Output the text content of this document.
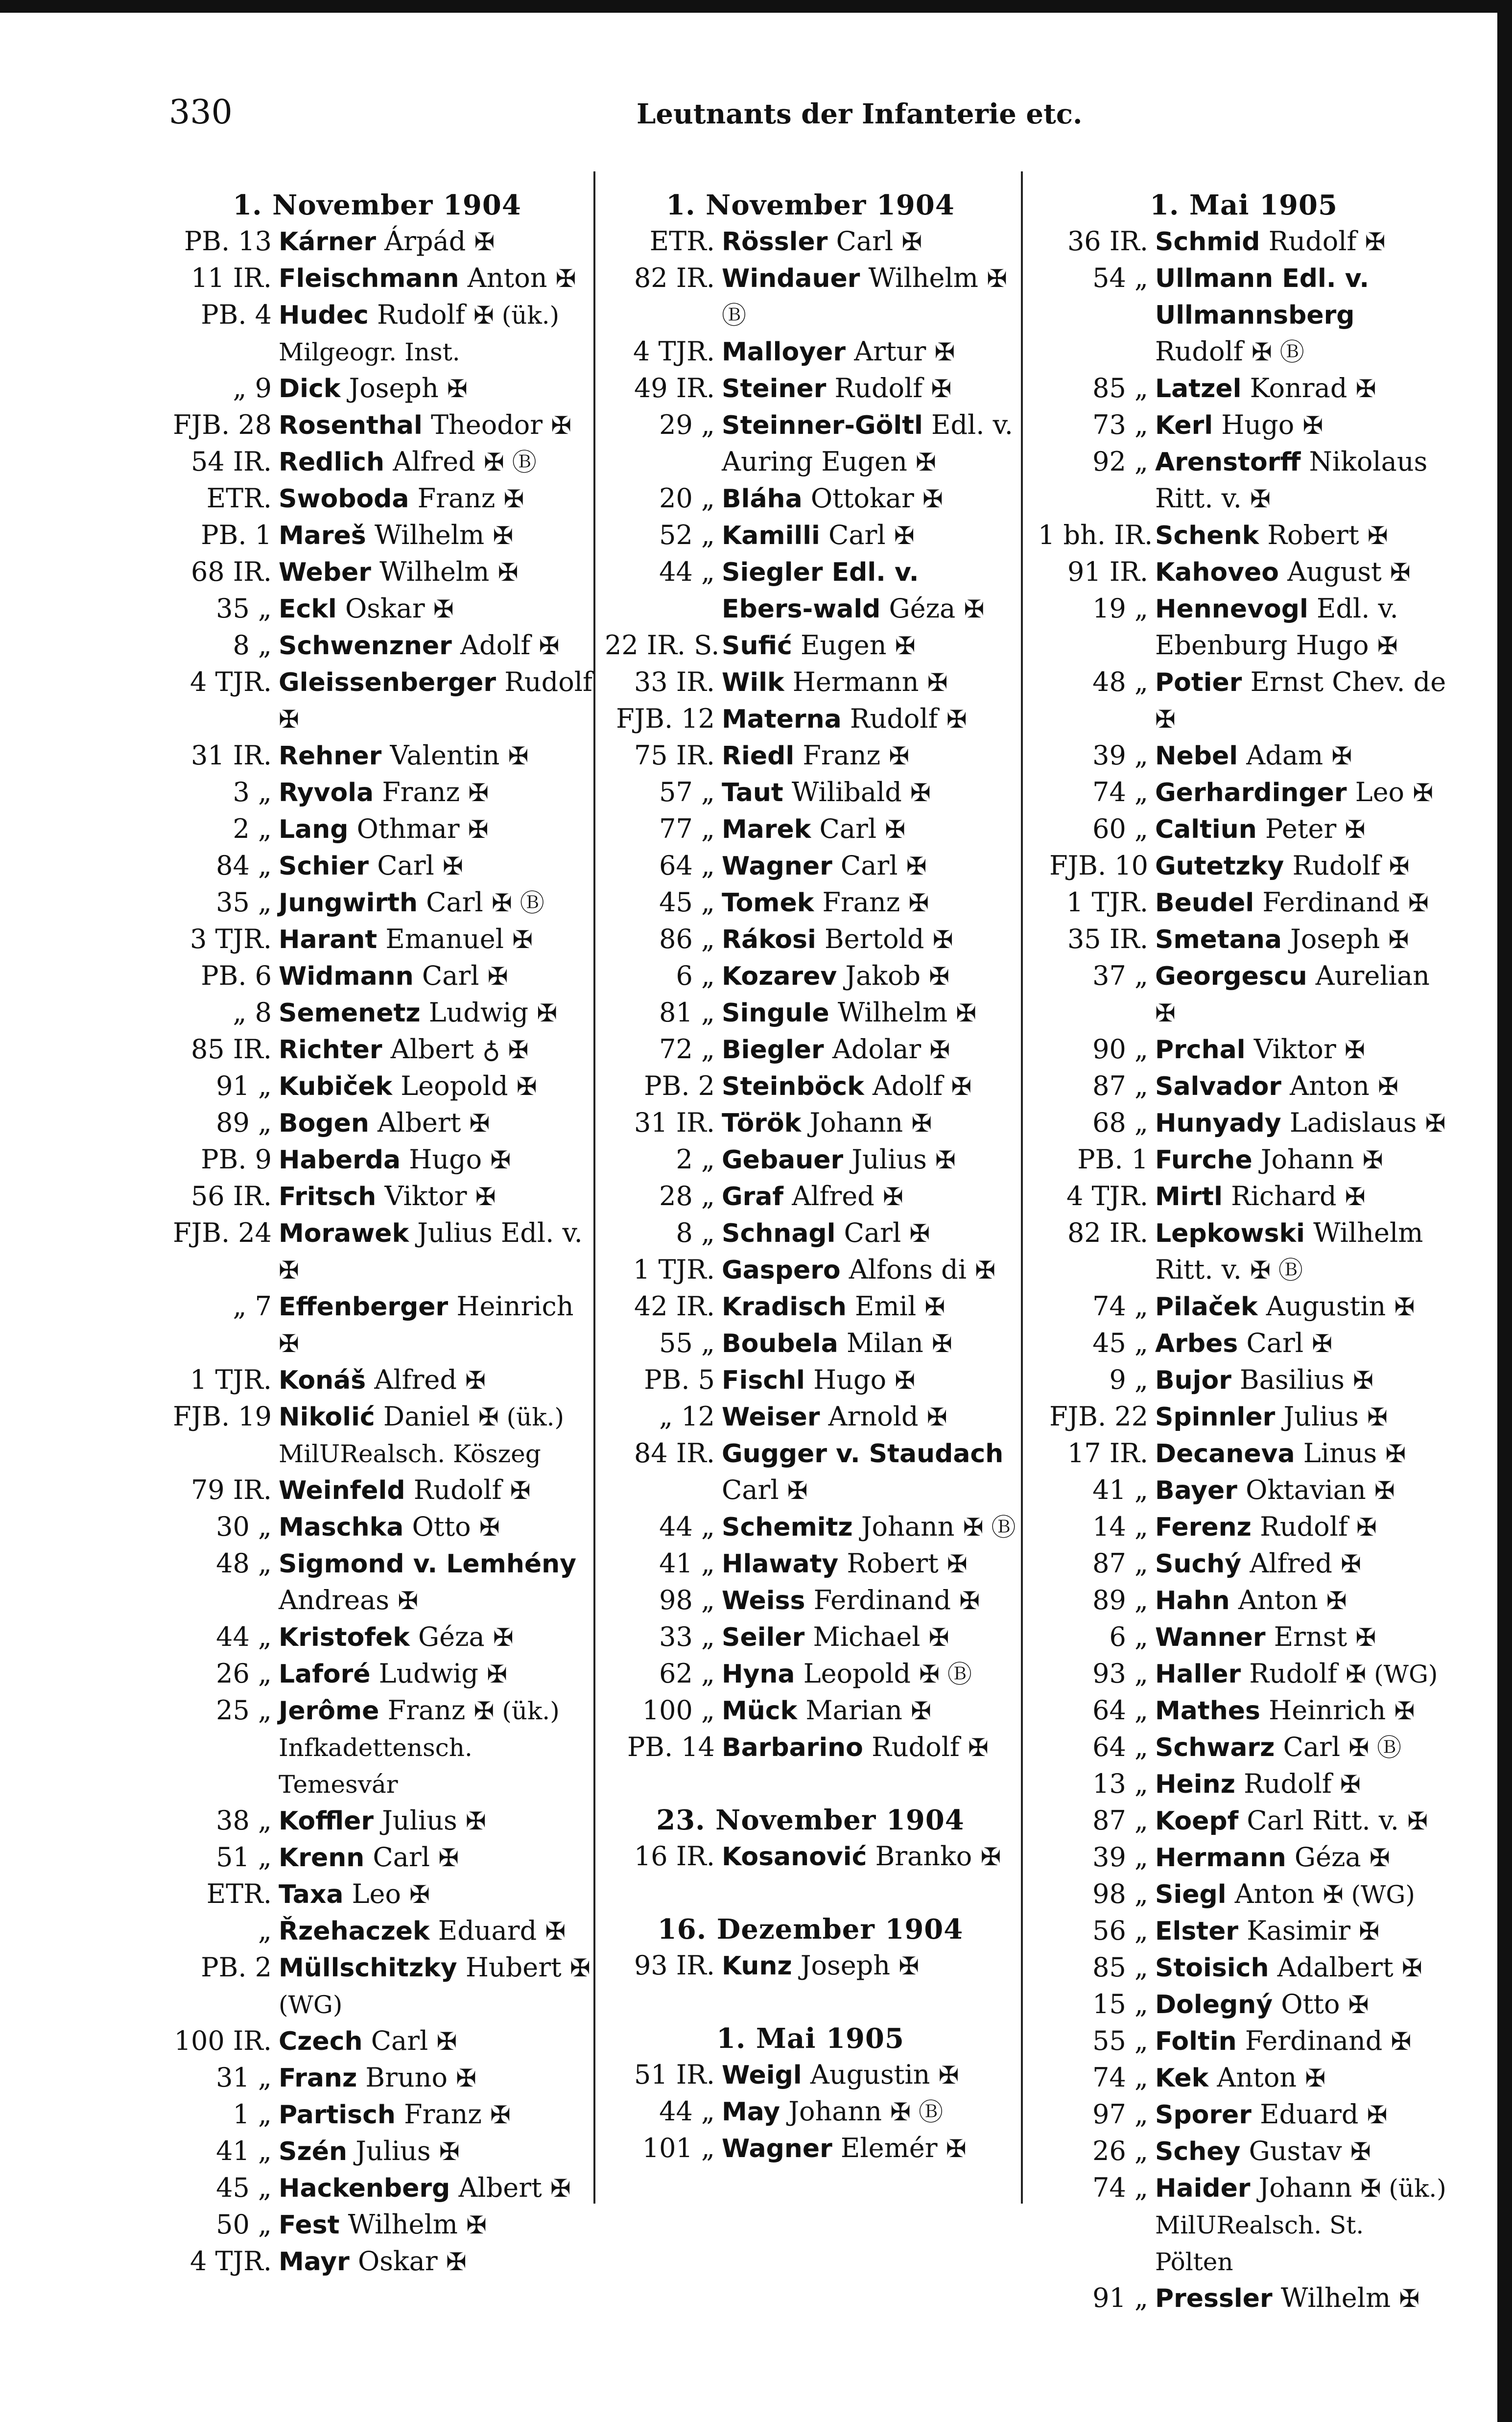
330	Leutnants der Infanterie etc.
1. November 1904
PB. 13 Kárner Árpád ✠
11 IR. Fleischmann Anton ✠
PB. 4 Hudec Rudolf ✠ (ük.) Milgeogr. Inst.
„ 9 Dick Joseph ✠
FJB. 28 Rosenthal Theodor ✠
54 IR. Redlich Alfred ✠ Ⓑ
ETR. Swoboda Franz ✠
PB. 1 Mareš Wilhelm ✠
68 IR. Weber Wilhelm ✠
35 „ Eckl Oskar ✠
8 „ Schwenzner Adolf ✠
4 TJR. Gleissenberger Rudolf ✠
31 IR. Rehner Valentin ✠
3 „ Ryvola Franz ✠
2 „ Lang Othmar ✠
84 „ Schier Carl ✠
35 „ Jungwirth Carl ✠ Ⓑ
3 TJR. Harant Emanuel ✠
PB. 6 Widmann Carl ✠
„ 8 Semenetz Ludwig ✠
85 IR. Richter Albert ♁ ✠
91 „ Kubiček Leopold ✠
89 „ Bogen Albert ✠
PB. 9 Haberda Hugo ✠
56 IR. Fritsch Viktor ✠
FJB. 24 Morawek Julius Edl. v. ✠
„ 7 Effenberger Heinrich ✠
1 TJR. Konáš Alfred ✠
FJB. 19 Nikolić Daniel ✠ (ük.) MilURealsch. Köszeg
79 IR. Weinfeld Rudolf ✠
30 „ Maschka Otto ✠
48 „ Sigmond v. Lemhény Andreas ✠
44 „ Kristofek Géza ✠
26 „ Laforé Ludwig ✠
25 „ Jerôme Franz ✠ (ük.) Infkadettensch. Temesvár
38 „ Koffler Julius ✠
51 „ Krenn Carl ✠
ETR. Taxa Leo ✠
„ Řzehaczek Eduard ✠
PB. 2 Müllschitzky Hubert ✠ (WG)
100 IR. Czech Carl ✠
31 „ Franz Bruno ✠
1 „ Partisch Franz ✠
41 „ Szén Julius ✠
45 „ Hackenberg Albert ✠
50 „ Fest Wilhelm ✠
4 TJR. Mayr Oskar ✠
1. November 1904
ETR. Rössler Carl ✠
82 IR. Windauer Wilhelm ✠ Ⓑ
4 TJR. Malloyer Artur ✠
49 IR. Steiner Rudolf ✠
29 „ Steinner-Göltl Edl. v. Auring Eugen ✠
20 „ Bláha Ottokar ✠
52 „ Kamilli Carl ✠
44 „ Siegler Edl. v. Ebers-wald Géza ✠
22 IR. S. Sufić Eugen ✠
33 IR. Wilk Hermann ✠
FJB. 12 Materna Rudolf ✠
75 IR. Riedl Franz ✠
57 „ Taut Wilibald ✠
77 „ Marek Carl ✠
64 „ Wagner Carl ✠
45 „ Tomek Franz ✠
86 „ Rákosi Bertold ✠
6 „ Kozarev Jakob ✠
81 „ Singule Wilhelm ✠
72 „ Biegler Adolar ✠
PB. 2 Steinböck Adolf ✠
31 IR. Török Johann ✠
2 „ Gebauer Julius ✠
28 „ Graf Alfred ✠
8 „ Schnagl Carl ✠
1 TJR. Gaspero Alfons di ✠
42 IR. Kradisch Emil ✠
55 „ Boubela Milan ✠
PB. 5 Fischl Hugo ✠
„ 12 Weiser Arnold ✠
84 IR. Gugger v. Staudach Carl ✠
44 „ Schemitz Johann ✠ Ⓑ
41 „ Hlawaty Robert ✠
98 „ Weiss Ferdinand ✠
33 „ Seiler Michael ✠
62 „ Hyna Leopold ✠ Ⓑ
100 „ Mück Marian ✠
PB. 14 Barbarino Rudolf ✠
23. November 1904
16 IR. Kosanović Branko ✠
16. Dezember 1904
93 IR. Kunz Joseph ✠
1. Mai 1905
51 IR. Weigl Augustin ✠
44 „ May Johann ✠ Ⓑ
101 „ Wagner Elemér ✠
1. Mai 1905
36 IR. Schmid Rudolf ✠
54 „ Ullmann Edl. v. Ullmannsberg Rudolf ✠ Ⓑ
85 „ Latzel Konrad ✠
73 „ Kerl Hugo ✠
92 „ Arenstorff Nikolaus Ritt. v. ✠
1 bh. IR. Schenk Robert ✠
91 IR. Kahoveo August ✠
19 „ Hennevogl Edl. v. Ebenburg Hugo ✠
48 „ Potier Ernst Chev. de ✠
39 „ Nebel Adam ✠
74 „ Gerhardinger Leo ✠
60 „ Caltiun Peter ✠
FJB. 10 Gutetzky Rudolf ✠
1 TJR. Beudel Ferdinand ✠
35 IR. Smetana Joseph ✠
37 „ Georgescu Aurelian ✠
90 „ Prchal Viktor ✠
87 „ Salvador Anton ✠
68 „ Hunyady Ladislaus ✠
PB. 1 Furche Johann ✠
4 TJR. Mirtl Richard ✠
82 IR. Lepkowski Wilhelm Ritt. v. ✠ Ⓑ
74 „ Pilaček Augustin ✠
45 „ Arbes Carl ✠
9 „ Bujor Basilius ✠
FJB. 22 Spinnler Julius ✠
17 IR. Decaneva Linus ✠
41 „ Bayer Oktavian ✠
14 „ Ferenz Rudolf ✠
87 „ Suchý Alfred ✠
89 „ Hahn Anton ✠
6 „ Wanner Ernst ✠
93 „ Haller Rudolf ✠ (WG)
64 „ Mathes Heinrich ✠
64 „ Schwarz Carl ✠ Ⓑ
13 „ Heinz Rudolf ✠
87 „ Koepf Carl Ritt. v. ✠
39 „ Hermann Géza ✠
98 „ Siegl Anton ✠ (WG)
56 „ Elster Kasimir ✠
85 „ Stoisich Adalbert ✠
15 „ Dolegný Otto ✠
55 „ Foltin Ferdinand ✠
74 „ Kek Anton ✠
97 „ Sporer Eduard ✠
26 „ Schey Gustav ✠
74 „ Haider Johann ✠ (ük.) MilURealsch. St. Pölten
91 „ Pressler Wilhelm ✠
